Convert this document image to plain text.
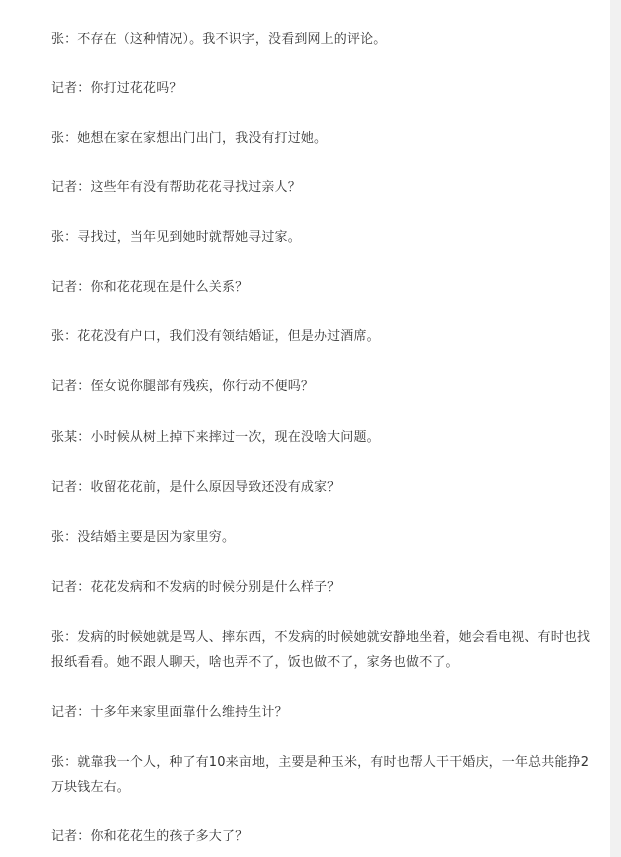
张：不存在（这种情况）。我不识字，没看到网上的评论。

记者：你打过花花吗？

张：她想在家在家想出门出门，我没有打过她。

记者：这些年有没有帮助花花寻找过亲人？

张：寻找过，当年见到她时就帮她寻过家。

记者：你和花花现在是什么关系？

张：花花没有户口，我们没有领结婚证，但是办过酒席。

记者：侄女说你腿部有残疾，你行动不便吗？

张某：小时候从树上掉下来摔过一次，现在没啥大问题。

记者：收留花花前，是什么原因导致还没有成家？

张：没结婚主要是因为家里穷。

记者：花花发病和不发病的时候分别是什么样子？

张：发病的时候她就是骂人、摔东西，不发病的时候她就安静地坐着，她会看电视、有时也找报纸看看。她不跟人聊天，啥也弄不了，饭也做不了，家务也做不了。

记者：十多年来家里面靠什么维持生计？

张：就靠我一个人，种了有10来亩地，主要是种玉米，有时也帮人干干婚庆，一年总共能挣2万块钱左右。

记者：你和花花生的孩子多大了？
